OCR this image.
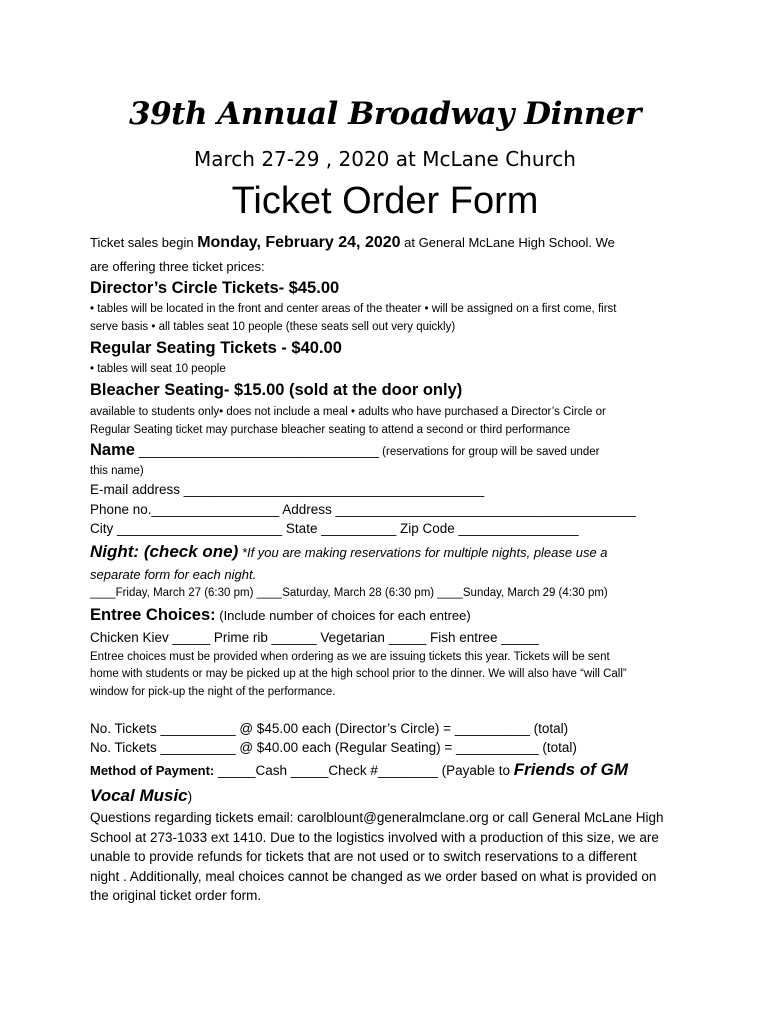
39th Annual Broadway Dinner
March 27-29 , 2020 at McLane Church
Ticket Order Form
Ticket sales begin Monday, February 24, 2020 at General McLane High School. We
are offering three ticket prices:
Director’s Circle Tickets- $45.00
• tables will be located in the front and center areas of the theater • will be assigned on a first come, first
serve basis • all tables seat 10 people (these seats sell out very quickly)
Regular Seating Tickets - $40.00
• tables will seat 10 people
Bleacher Seating- $15.00 (sold at the door only)
available to students only• does not include a meal • adults who have purchased a Director’s Circle or
Regular Seating ticket may purchase bleacher seating to attend a second or third performance
Name ________________________________ (reservations for group will be saved under
this name)
E-mail address ________________________________________
Phone no._________________ Address ________________________________________
City ______________________ State __________ Zip Code ________________
Night: (check one) *If you are making reservations for multiple nights, please use a
separate form for each night.
____Friday, March 27 (6:30 pm) ____Saturday, March 28 (6:30 pm) ____Sunday, March 29 (4:30 pm)
Entree Choices: (Include number of choices for each entree)
Chicken Kiev _____ Prime rib ______ Vegetarian _____ Fish entree _____
Entree choices must be provided when ordering as we are issuing tickets this year. Tickets will be sent
home with students or may be picked up at the high school prior to the dinner. We will also have “will Call”
window for pick-up the night of the performance.
No. Tickets __________ @ $45.00 each (Director’s Circle) = __________ (total)
No. Tickets __________ @ $40.00 each (Regular Seating) = ___________ (total)
Method of Payment: _____Cash _____Check #________ (Payable to Friends of GM
Vocal Music)
Questions regarding tickets email: carolblount@generalmclane.org or call General McLane High
School at 273-1033 ext 1410. Due to the logistics involved with a production of this size, we are
unable to provide refunds for tickets that are not used or to switch reservations to a different
night . Additionally, meal choices cannot be changed as we order based on what is provided on
the original ticket order form.
